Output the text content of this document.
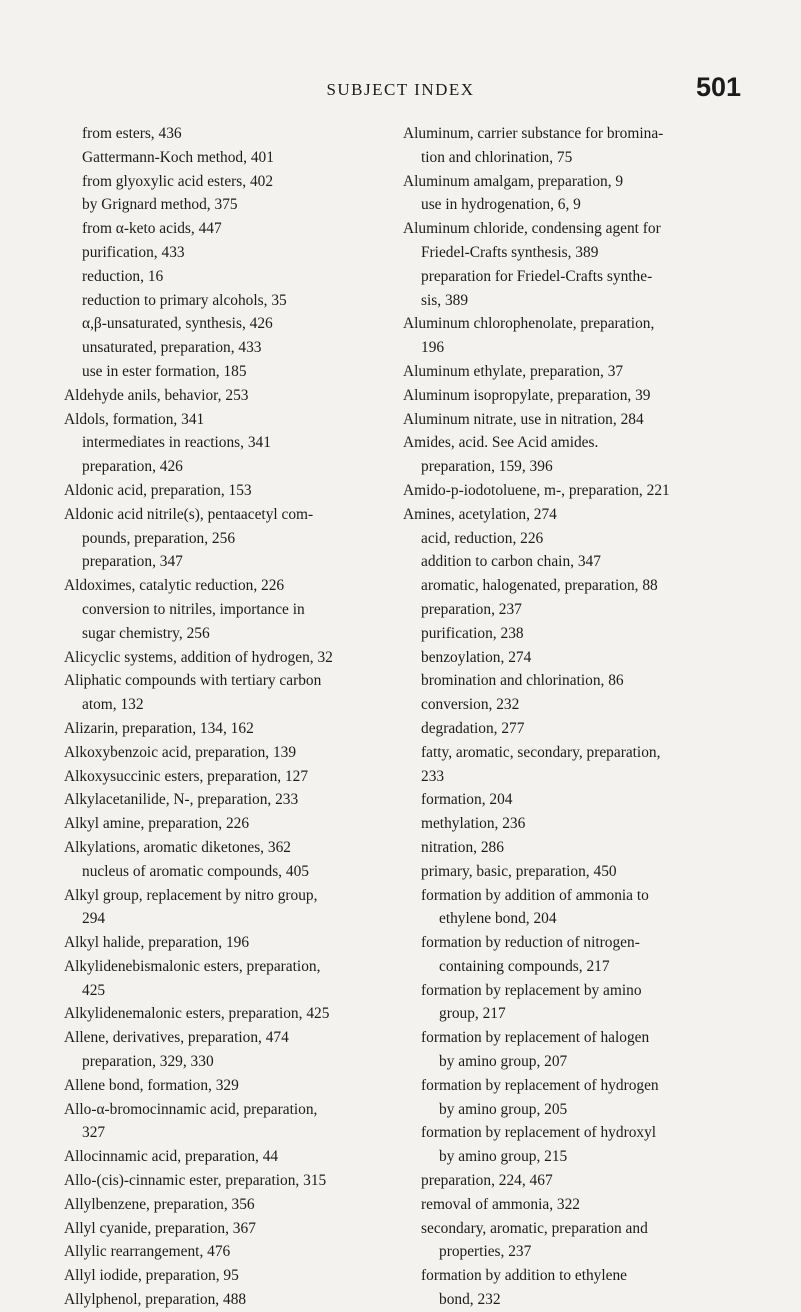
SUBJECT INDEX	501
from esters, 436
Gattermann-Koch method, 401
from glyoxylic acid esters, 402
by Grignard method, 375
from α-keto acids, 447
purification, 433
reduction, 16
reduction to primary alcohols, 35
α,β-unsaturated, synthesis, 426
unsaturated, preparation, 433
use in ester formation, 185
Aldehyde anils, behavior, 253
Aldols, formation, 341
intermediates in reactions, 341
preparation, 426
Aldonic acid, preparation, 153
Aldonic acid nitrile(s), pentaacetyl com-
pounds, preparation, 256
preparation, 347
Aldoximes, catalytic reduction, 226
conversion to nitriles, importance in
sugar chemistry, 256
Alicyclic systems, addition of hydrogen, 32
Aliphatic compounds with tertiary carbon
atom, 132
Alizarin, preparation, 134, 162
Alkoxybenzoic acid, preparation, 139
Alkoxysuccinic esters, preparation, 127
Alkylacetanilide, N-, preparation, 233
Alkyl amine, preparation, 226
Alkylations, aromatic diketones, 362
nucleus of aromatic compounds, 405
Alkyl group, replacement by nitro group,
294
Alkyl halide, preparation, 196
Alkylidenebismalonic esters, preparation,
425
Alkylidenemalonic esters, preparation, 425
Allene, derivatives, preparation, 474
preparation, 329, 330
Allene bond, formation, 329
Allo-α-bromocinnamic acid, preparation,
327
Allocinnamic acid, preparation, 44
Allo-(cis)-cinnamic ester, preparation, 315
Allylbenzene, preparation, 356
Allyl cyanide, preparation, 367
Allylic rearrangement, 476
Allyl iodide, preparation, 95
Allylphenol, preparation, 488
Aluminum, carrier substance for bromina-
tion and chlorination, 75
Aluminum amalgam, preparation, 9
use in hydrogenation, 6, 9
Aluminum chloride, condensing agent for
Friedel-Crafts synthesis, 389
preparation for Friedel-Crafts synthe-
sis, 389
Aluminum chlorophenolate, preparation,
196
Aluminum ethylate, preparation, 37
Aluminum isopropylate, preparation, 39
Aluminum nitrate, use in nitration, 284
Amides, acid. See Acid amides.
preparation, 159, 396
Amido-p-iodotoluene, m-, preparation, 221
Amines, acetylation, 274
acid, reduction, 226
addition to carbon chain, 347
aromatic, halogenated, preparation, 88
preparation, 237
purification, 238
benzoylation, 274
bromination and chlorination, 86
conversion, 232
degradation, 277
fatty, aromatic, secondary, preparation,
233
formation, 204
methylation, 236
nitration, 286
primary, basic, preparation, 450
formation by addition of ammonia to
ethylene bond, 204
formation by reduction of nitrogen-
containing compounds, 217
formation by replacement by amino
group, 217
formation by replacement of halogen
by amino group, 207
formation by replacement of hydrogen
by amino group, 205
formation by replacement of hydroxyl
by amino group, 215
preparation, 224, 467
removal of ammonia, 322
secondary, aromatic, preparation and
properties, 237
formation by addition to ethylene
bond, 232
